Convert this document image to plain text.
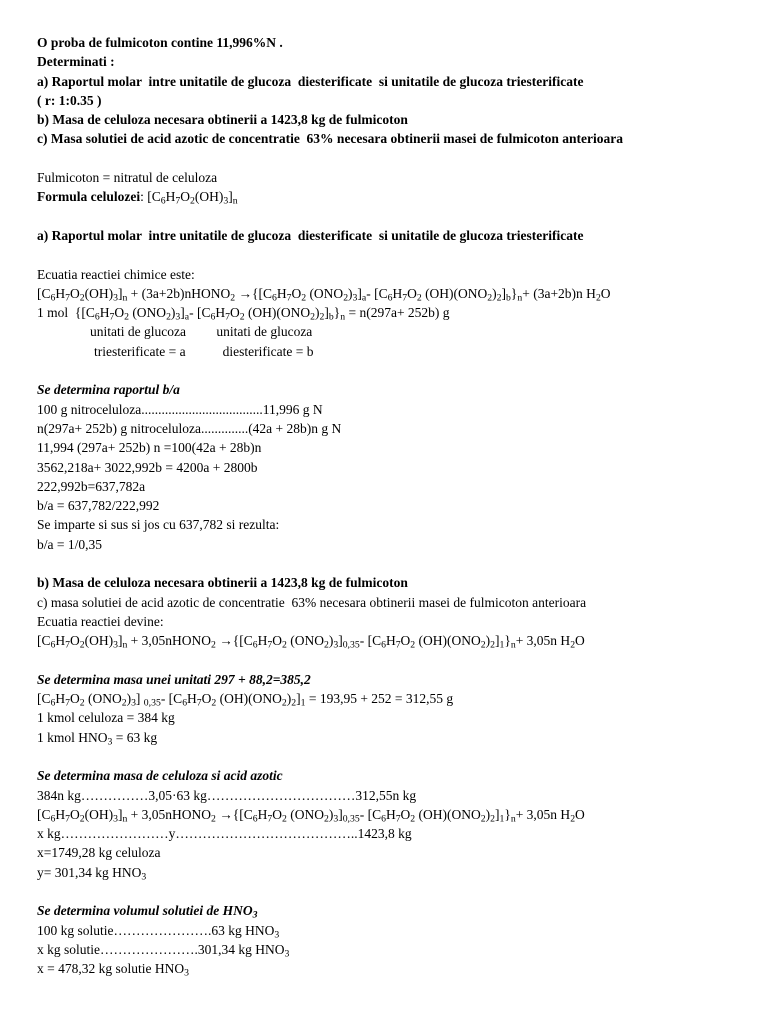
O proba de fulmicoton contine 11,996%N .
Determinati :
a) Raportul molar  intre unitatile de glucoza  diesterificate  si unitatile de glucoza triesterificate
( r: 1:0.35 )
b) Masa de celuloza necesara obtinerii a 1423,8 kg de fulmicoton
c) Masa solutiei de acid azotic de concentratie  63% necesara obtinerii masei de fulmicoton anterioara
Fulmicoton = nitratul de celuloza
Formula celulozei: $[C_6H_7O_2(OH)_3]_n$
a) Raportul molar  intre unitatile de glucoza  diesterificate  si unitatile de glucoza triesterificate
Ecuatia reactiei chimice este:
$[C_6H_7O_2(OH)_3]_n$ + (3a+2b)nHONO$_2$ $\to\{[C_6H_7O_2$ $(ONO_2)_3]_a-$ [$C_6H_7O_2$ $(OH)(ONO_2)_2]_b\}_n+ (3a+2b)n$ $H_2O$
1 mol  {[$C_6H_7O_2$ $(ONO_2)_3]_a-$ [$C_6H_7O_2$ $(OH)(ONO_2)_2]_b\}_n = n(297a+ 252b)$ g
unitati de glucoza         unitati de glucoza
triesterificate = a           diesterificate = b
Se determina raportul b/a
100 g nitroceluloza....................................11,996 g N
n(297a+ 252b) g nitroceluloza..............(42a + 28b)n g N
11,994 (297a+ 252b) n =100(42a + 28b)n
3562,218a+ 3022,992b = 4200a + 2800b
222,992b=637,782a
b/a = 637,782/222,992
Se imparte si sus si jos cu 637,782 si rezulta:
b/a = 1/0,35
b) Masa de celuloza necesara obtinerii a 1423,8 kg de fulmicoton
c) masa solutiei de acid azotic de concentratie  63% necesara obtinerii masei de fulmicoton anterioara
Ecuatia reactiei devine:
$[C_6H_7O_2(OH)_3]_n$ + 3,05nHONO$_2$ $\to\{[C_6H_7O_2$ $(ONO_2)_3]_{0,35}-$ [$C_6H_7O_2$ $(OH)(ONO_2)_2]_1\}_n+ 3,05n$ $H_2O$
Se determina masa unei unitati 297 + 88,2=385,2
[$C_6H_7O_2$ $(ONO_2)_3$] $_{0,35}$- [$C_6H_7O_2$ $(OH)(ONO_2)_2]_1 = 193,95 + 252 = 312,55$ g
1 kmol celuloza = 384 kg
1 kmol $HNO_3 = 63$ kg
Se determina masa de celuloza si acid azotic
384n kg……………3,05·63 kg……………………………312,55n kg
$[C_6H_7O_2(OH)_3]_n$ + 3,05nHONO$_2$ $\to\{[C_6H_7O_2$ $(ONO_2)_3]_{0,35}-$ [$C_6H_7O_2$ $(OH)(ONO_2)_2]_1\}_n+ 3,05n$ $H_2O$
x kg……………………y…………………………………..1423,8 kg
x=1749,28 kg celuloza
y= 301,34 kg $HNO_3$
Se determina volumul solutiei de $HNO_3$
100 kg solutie………………….63 kg $HNO_3$
x kg solutie………………….301,34 kg $HNO_3$
x = 478,32 kg solutie $HNO_3$
